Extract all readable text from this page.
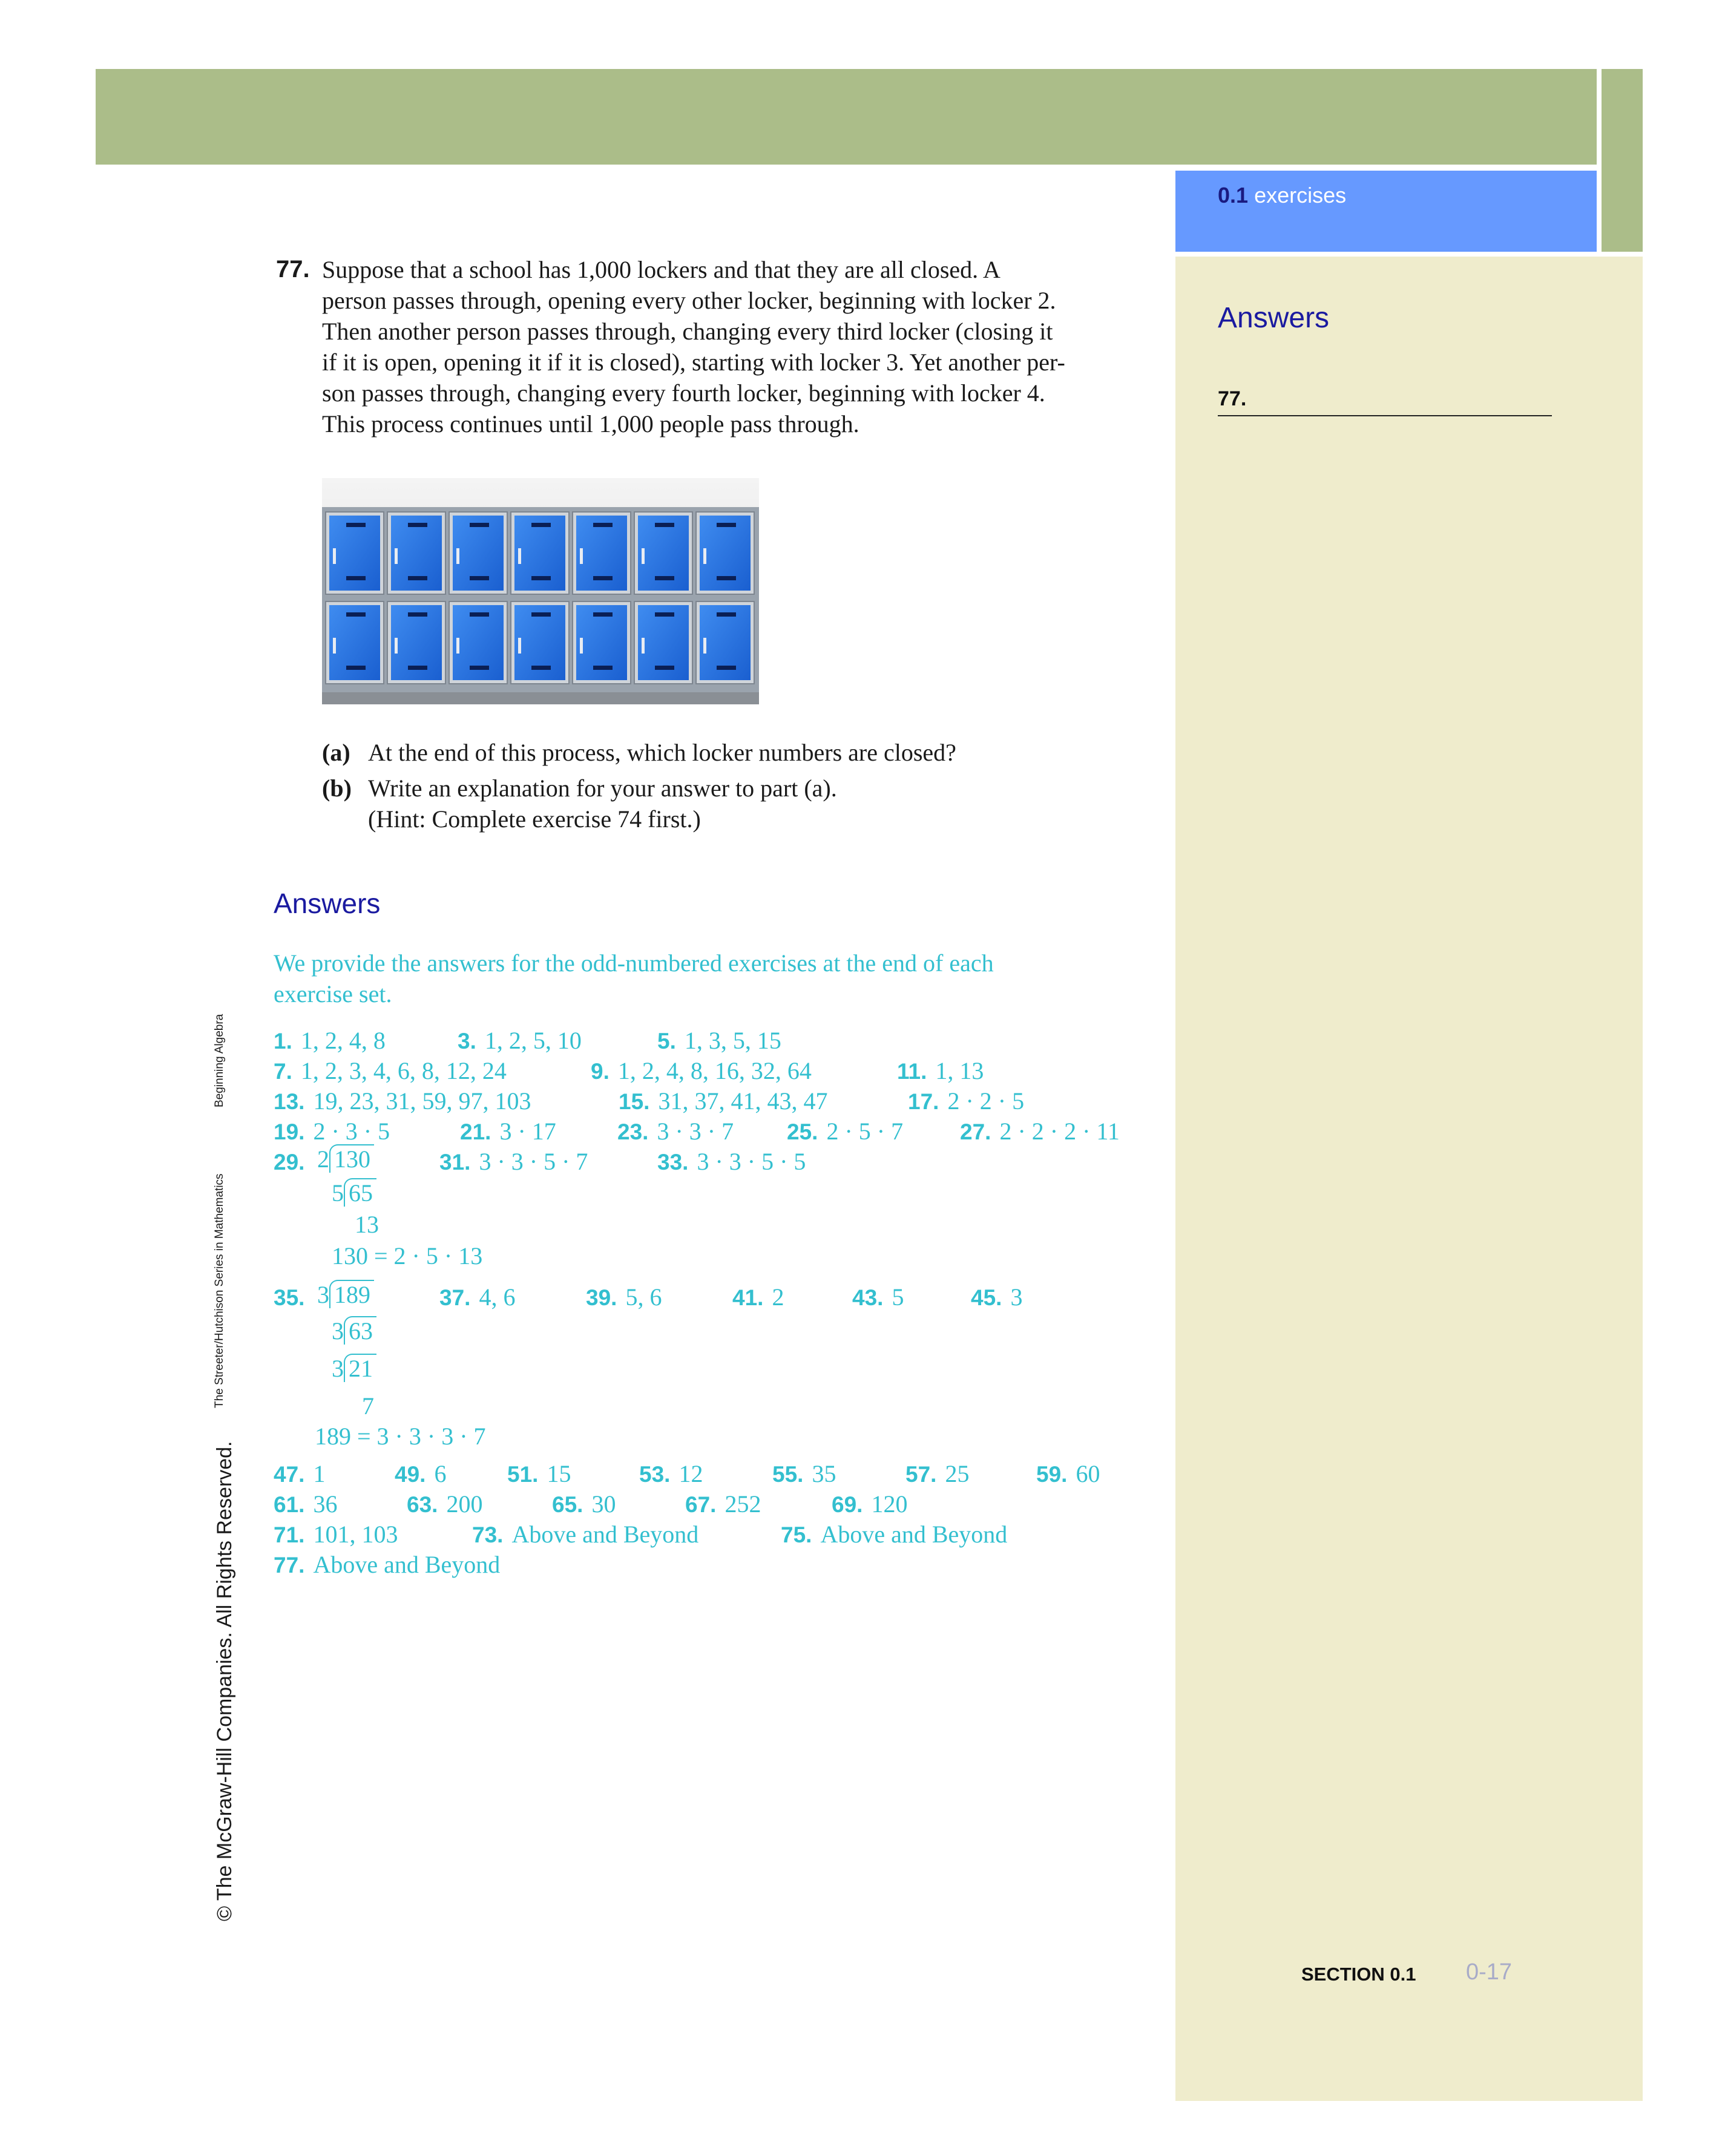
0.1 exercises
Answers
77.
77. Suppose that a school has 1,000 lockers and that they are all closed. A
person passes through, opening every other locker, beginning with locker 2.
Then another person passes through, changing every third locker (closing it
if it is open, opening it if it is closed), starting with locker 3. Yet another per-
son passes through, changing every fourth locker, beginning with locker 4.
This process continues until 1,000 people pass through.
(a) At the end of this process, which locker numbers are closed?
(b) Write an explanation for your answer to part (a).
(Hint: Complete exercise 74 first.)
Answers
We provide the answers for the odd-numbered exercises at the end of each
exercise set.
1. 1, 2, 4, 8	3. 1, 2, 5, 10	5. 1, 3, 5, 15
7. 1, 2, 3, 4, 6, 8, 12, 24	9. 1, 2, 4, 8, 16, 32, 64	11. 1, 13
13. 19, 23, 31, 59, 97, 103	15. 31, 37, 41, 43, 47	17. 2 · 2 · 5
19. 2 · 3 · 5	21. 3 · 17	23. 3 · 3 · 7 25. 2 · 5 · 7	27. 2 · 2 · 2 · 11
29.	31. 3 · 3 · 5 · 7	33. 3 · 3 · 5 · 5
35.	37. 4, 6	39. 5, 6	41. 2	43. 5	45. 3
47. 1	49. 6	51. 15	53. 12	55. 35	57. 25	59. 60
61. 36	63. 200	65. 30	67. 252	69. 120
71. 101, 103	73. Above and Beyond	75. Above and Beyond
77. Above and Beyond
2 130
5 65
13
130 = 2 · 5 · 13
3 189
3 63
3 21
7
189 = 3 · 3 · 3 · 7
© The McGraw-Hill Companies. All Rights Reserved.
The Streeter/Hutchison Series in Mathematics
Beginning Algebra
SECTION 0.1 0-17
